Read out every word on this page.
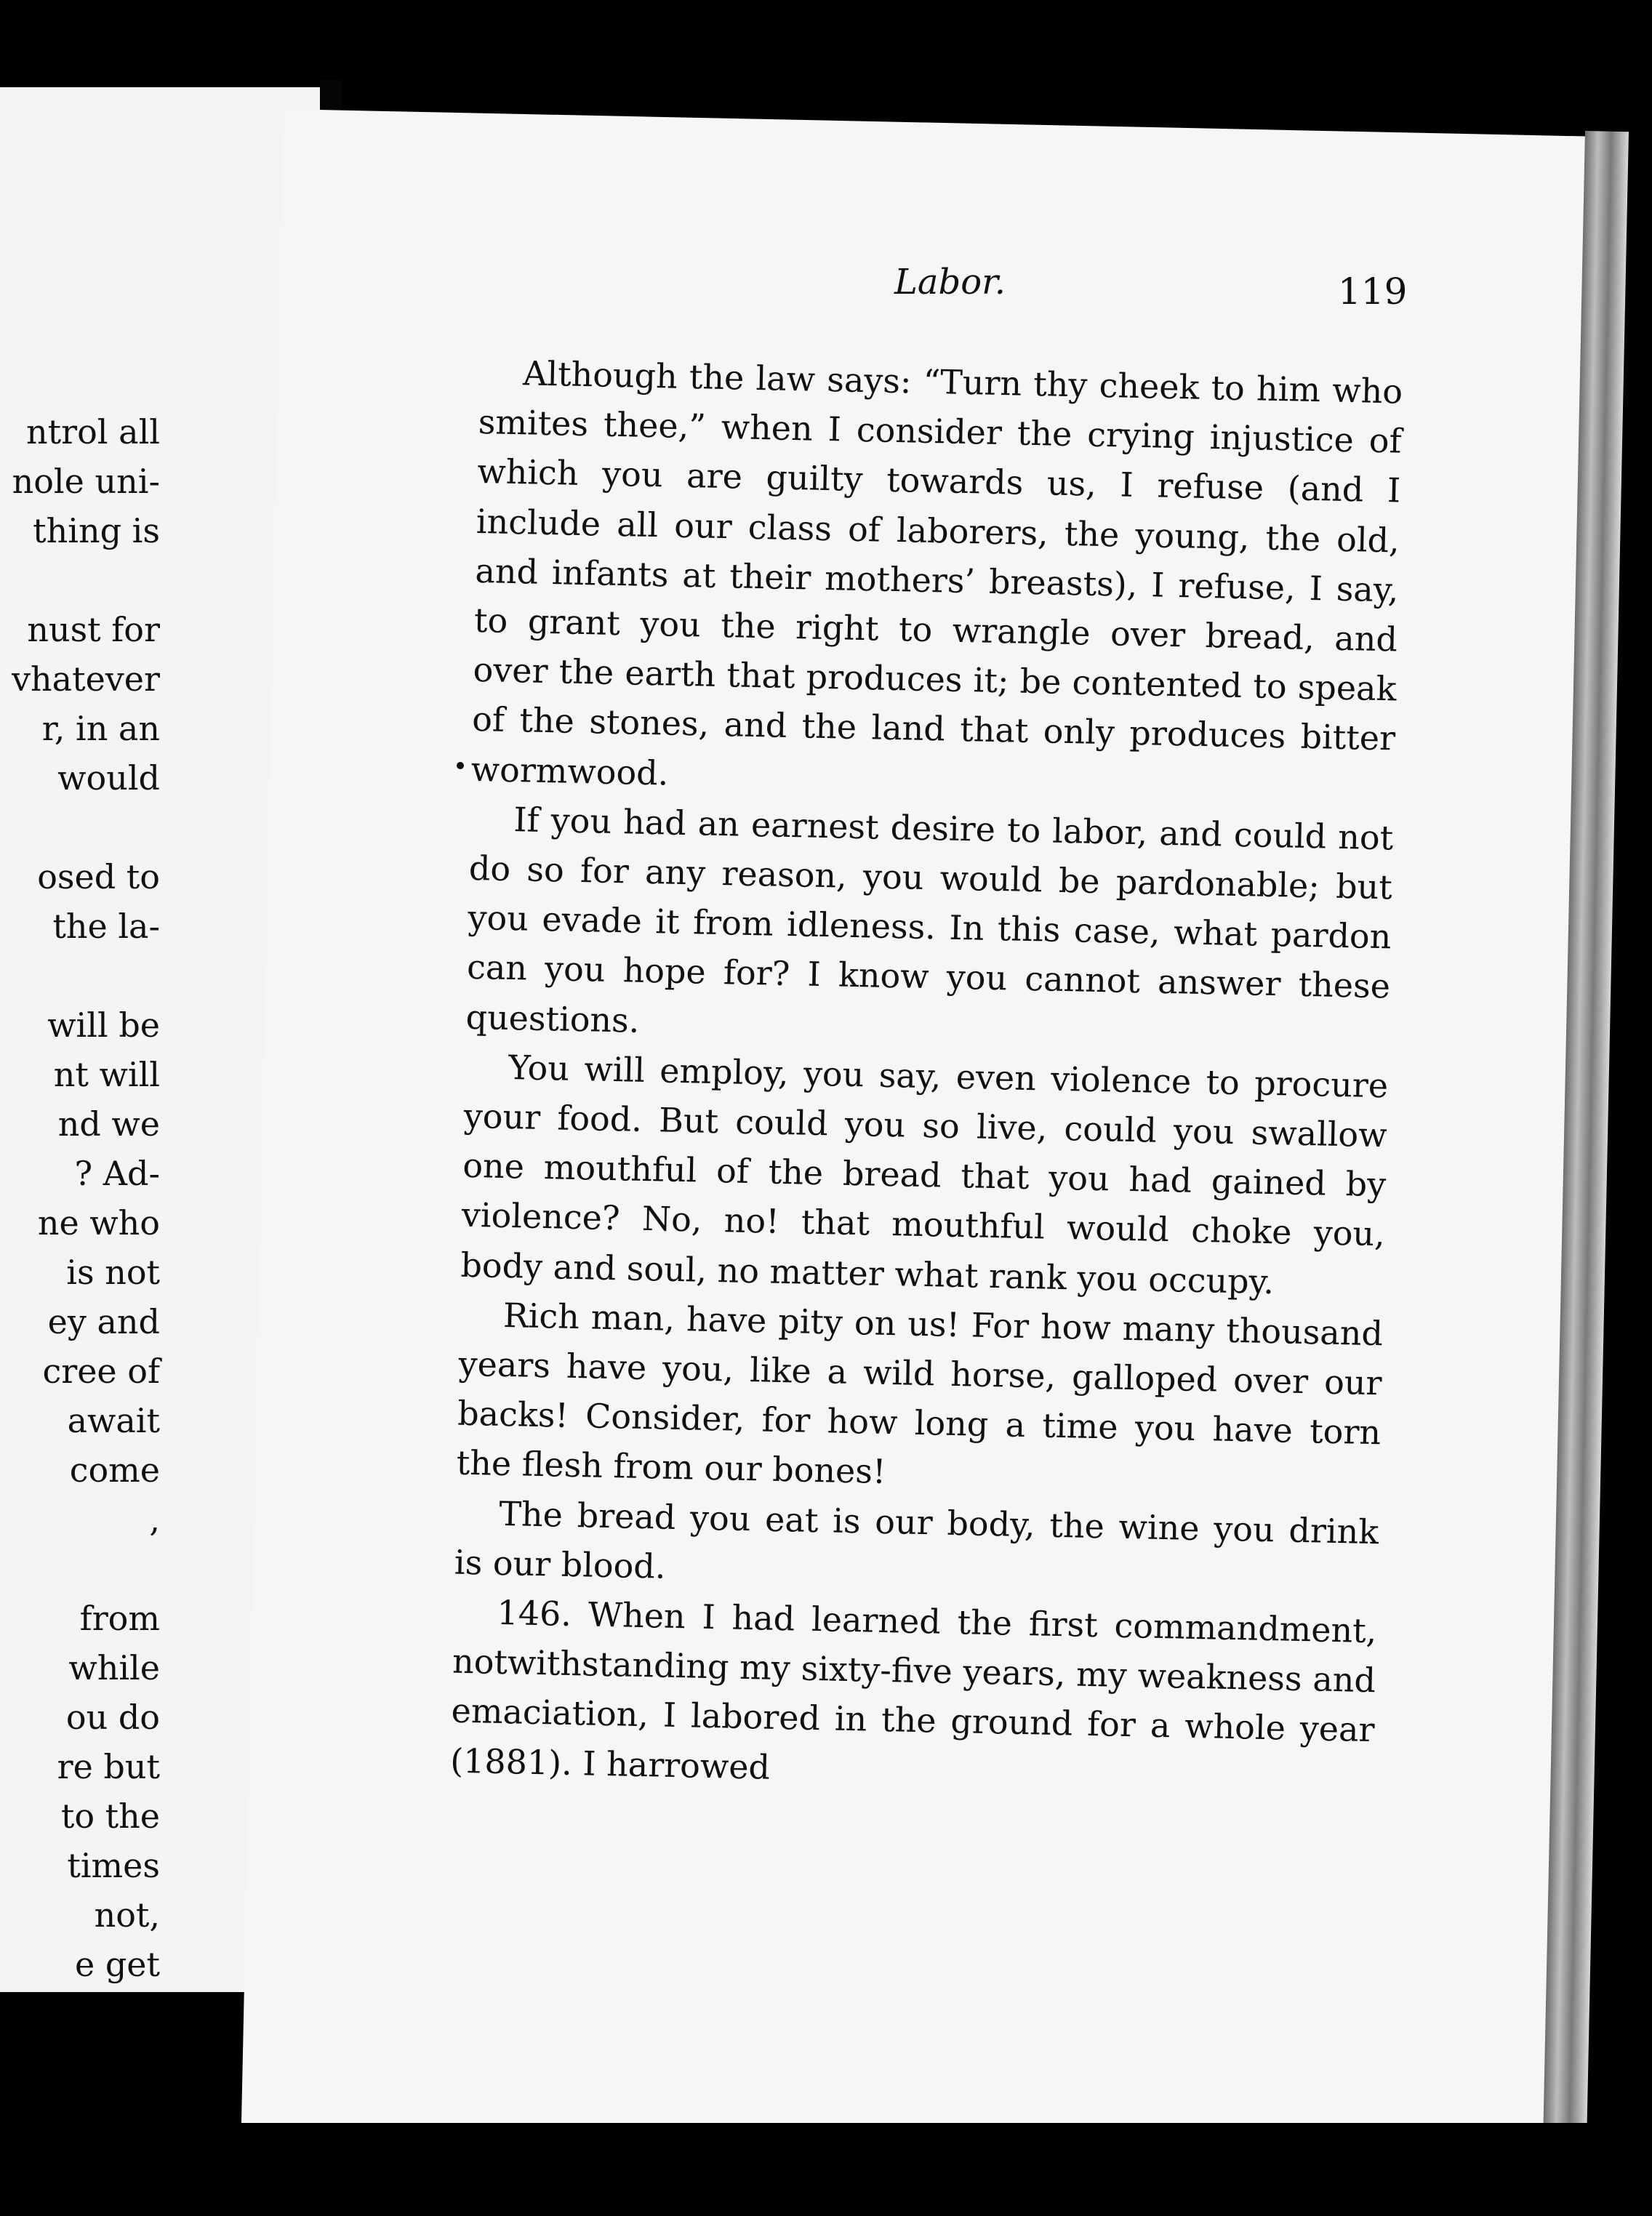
ntrol all
nole uni-
thing is
nust for
vhatever
r, in an
would
osed to
the la-
will be
nt will
nd we
? Ad-
ne who
is not
ey and
cree of
await
come
,
from
while
ou do
re but
to the
times
not,
e get
Labor.	119

Although the law says: “Turn thy cheek to him who smites thee,” when I consider the crying injustice of which you are guilty towards us, I refuse (and I include all our class of laborers, the young, the old, and infants at their mothers’ breasts), I refuse, I say, to grant you the right to wrangle over bread, and over the earth that produces it; be contented to speak of the stones, and the land that only produces bitter wormwood.

If you had an earnest desire to labor, and could not do so for any reason, you would be pardonable; but you evade it from idleness. In this case, what pardon can you hope for? I know you cannot answer these questions.

You will employ, you say, even violence to procure your food. But could you so live, could you swallow one mouthful of the bread that you had gained by violence? No, no! that mouthful would choke you, body and soul, no matter what rank you occupy.

Rich man, have pity on us! For how many thousand years have you, like a wild horse, galloped over our backs! Consider, for how long a time you have torn the flesh from our bones!

The bread you eat is our body, the wine you drink is our blood.

146. When I had learned the first commandment, notwithstanding my sixty-five years, my weakness and emaciation, I labored in the ground for a whole year (1881). I harrowed
